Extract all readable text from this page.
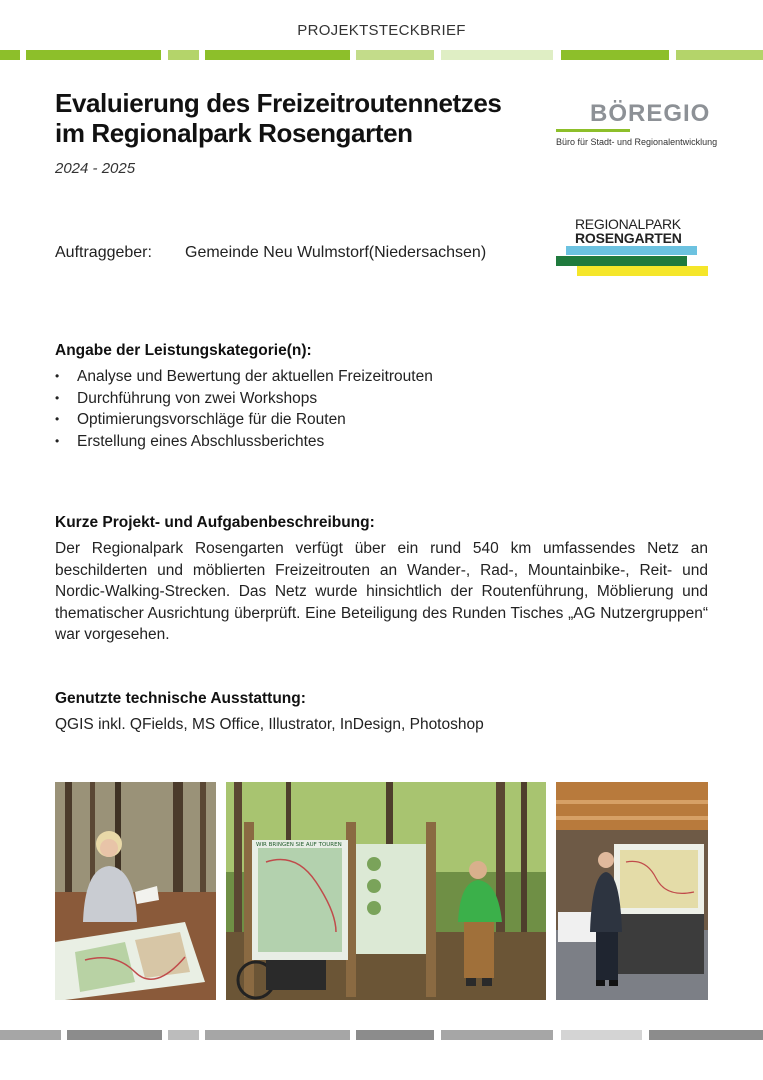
PROJEKTSTECKBRIEF
Evaluierung des Freizeitroutennetzes
im Regionalpark Rosengarten
2024 - 2025
BÖREGIO
Büro für Stadt- und Regionalentwicklung
REGIONALPARK
ROSENGARTEN
Auftraggeber: Gemeinde Neu Wulmstorf(Niedersachsen)
Angabe der Leistungskategorie(n):
• Analyse und Bewertung der aktuellen Freizeitrouten
• Durchführung von zwei Workshops
• Optimierungsvorschläge für die Routen
• Erstellung eines Abschlussberichtes
Kurze Projekt- und Aufgabenbeschreibung:

Der Regionalpark Rosengarten verfügt über ein rund 540 km umfassendes Netz an beschilderten und möblierten Freizeitrouten an Wander-, Rad-, Mountainbike-, Reit- und Nordic-Walking-Strecken. Das Netz wurde hinsichtlich der Routenführung, Möblierung und thematischer Ausrichtung überprüft. Eine Beteiligung des Runden Tisches „AG Nutzergruppen“ war vorgesehen.

Genutzte technische Ausstattung:
QGIS inkl. QFields, MS Office, Illustrator, InDesign, Photoshop
WIR BRINGEN SIE AUF TOUREN
